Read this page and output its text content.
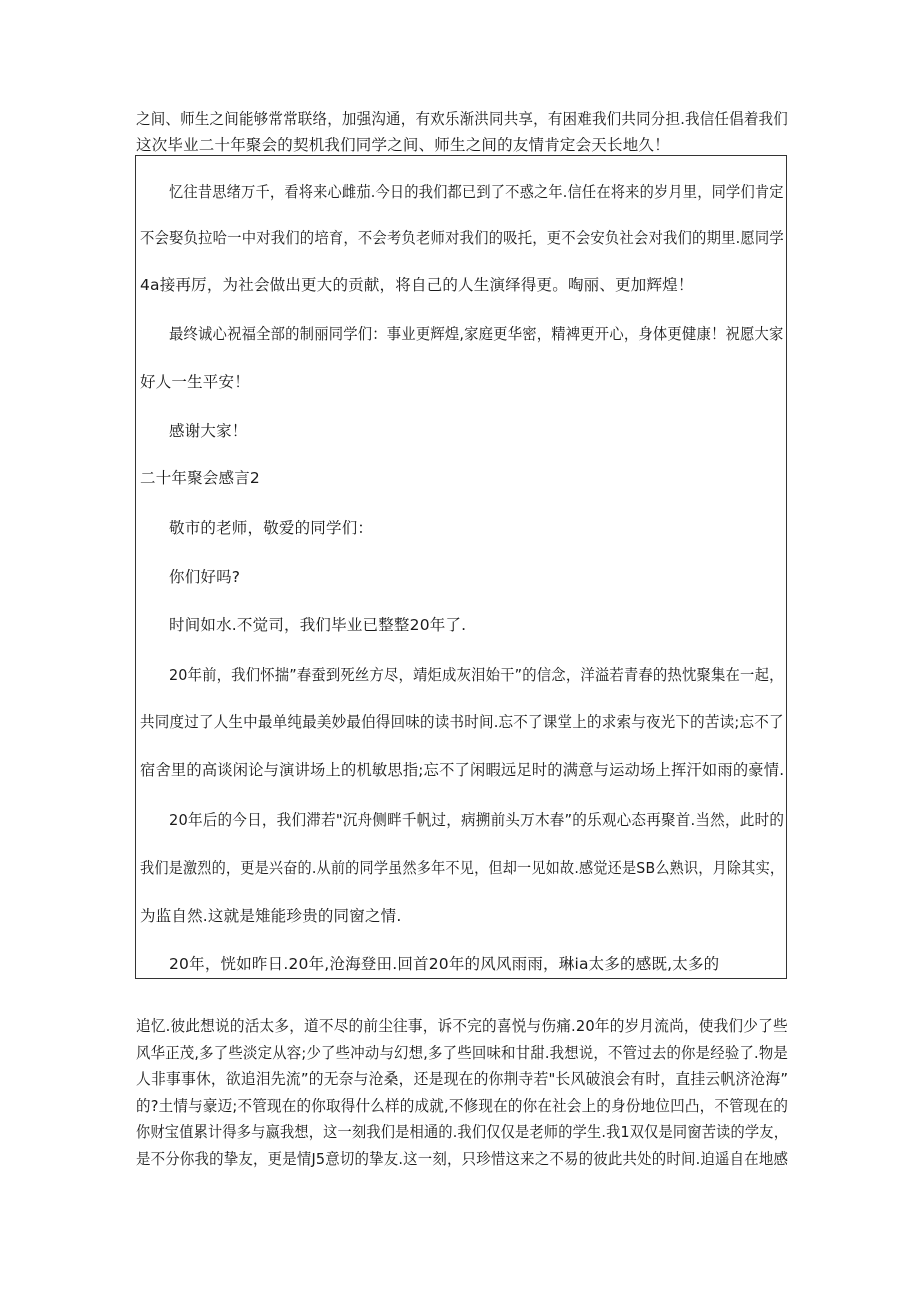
之间、师生之间能够常常联络，加强沟通，有欢乐渐洪同共享，有困难我们共同分担.我信任倡着我们
这次毕业二十年聚会的契机我们同学之间、师生之间的友情肯定会天长地久！
忆往昔思绪万千，看将来心雌茄.今日的我们都已到了不惑之年.信任在将来的岁月里，同学们肯定
不会娶负拉哈一中对我们的培育，不会考负老师对我们的吸托，更不会安负社会对我们的期里.愿同学
4a接再厉，为社会做出更大的贡献，将自己的人生演绎得更。啕丽、更加辉煌！
最终诚心祝福全部的制丽同学们：事业更辉煌,家庭更华密，精裨更开心，身体更健康！祝愿大家
好人一生平安！
感谢大家！
二十年聚会感言2
敬市的老师，敬爱的同学们：
你们好吗?
时间如水.不觉司，我们毕业已整整20年了.
20年前，我们怀揣”春蚕到死丝方尽，靖炬成灰泪始干”的信念，洋溢若青春的热忱聚集在一起，
共同度过了人生中最单纯最美妙最伯得回味的读书时间.忘不了课堂上的求索与夜光下的苦读;忘不了
宿舍里的高谈闲论与演讲场上的机敏思指;忘不了闲暇远足时的满意与运动场上挥汗如雨的豪情.
20年后的今日，我们滞若"沉舟侧畔千帆过，病搠前头万木春”的乐观心态再聚首.当然，此时的
我们是激烈的，更是兴奋的.从前的同学虽然多年不见，但却一见如故.感觉还是SB么熟识，月除其实，
为监自然.这就是雉能珍贵的同窗之情.
20年，恍如昨日.20年,沧海登田.回首20年的风风雨雨，琳ia太多的感既,太多的
追忆.彼此想说的活太多，道不尽的前尘往事，诉不完的喜悦与伤痛.20年的岁月流尚，使我们少了些
风华正茂,多了些淡定从容;少了些冲动与幻想,多了些回味和甘甜.我想说，不管过去的你是经验了.物是
人非事事休，欲追泪先流”的无奈与沧桑，还是现在的你荆寺若"长风破浪会有时，直挂云帆济沧海”
的?土情与豪迈;不管现在的你取得什么样的成就,不修现在的你在社会上的身份地位凹凸，不管现在的
你财宝值累计得多与嬴我想，这一刻我们是相通的.我们仅仅是老师的学生.我1双仅是同窗苦读的学友，
是不分你我的挚友，更是情J5意切的挚友.这一刻，只珍惜这来之不易的彼此共处的时间.迫遥自在地感
